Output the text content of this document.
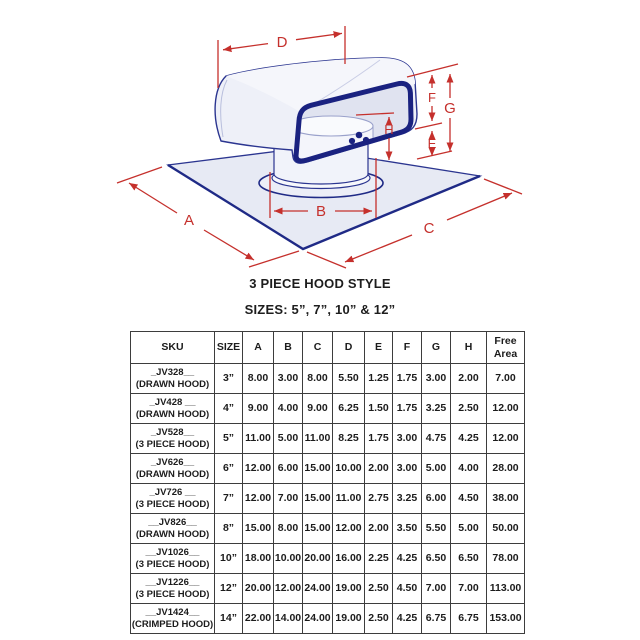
D
A
B
C
F
G
E
H
3 PIECE HOOD STYLE
SIZES: 5”, 7”, 10” & 12”
SKU	SIZE	A	B	C	D	E	F	G	H	Free Area

_JV328__
(DRAWN HOOD)	3”	8.00	3.00	8.00	5.50	1.25	1.75	3.00	2.00	7.00

_JV428 __
(DRAWN HOOD)	4”	9.00	4.00	9.00	6.25	1.50	1.75	3.25	2.50	12.00

_JV528__
(3 PIECE HOOD)	5”	11.00	5.00	11.00	8.25	1.75	3.00	4.75	4.25	12.00

_JV626__
(DRAWN HOOD)	6”	12.00	6.00	15.00	10.00	2.00	3.00	5.00	4.00	28.00

_JV726 __
(3 PIECE HOOD)	7”	12.00	7.00	15.00	11.00	2.75	3.25	6.00	4.50	38.00

__JV826__
(DRAWN HOOD)	8”	15.00	8.00	15.00	12.00	2.00	3.50	5.50	5.00	50.00

__JV1026__
(3 PIECE HOOD)	10”	18.00	10.00	20.00	16.00	2.25	4.25	6.50	6.50	78.00

__JV1226__
(3 PIECE HOOD)	12”	20.00	12.00	24.00	19.00	2.50	4.50	7.00	7.00	113.00

__JV1424__
(CRIMPED HOOD)	14”	22.00	14.00	24.00	19.00	2.50	4.25	6.75	6.75	153.00
